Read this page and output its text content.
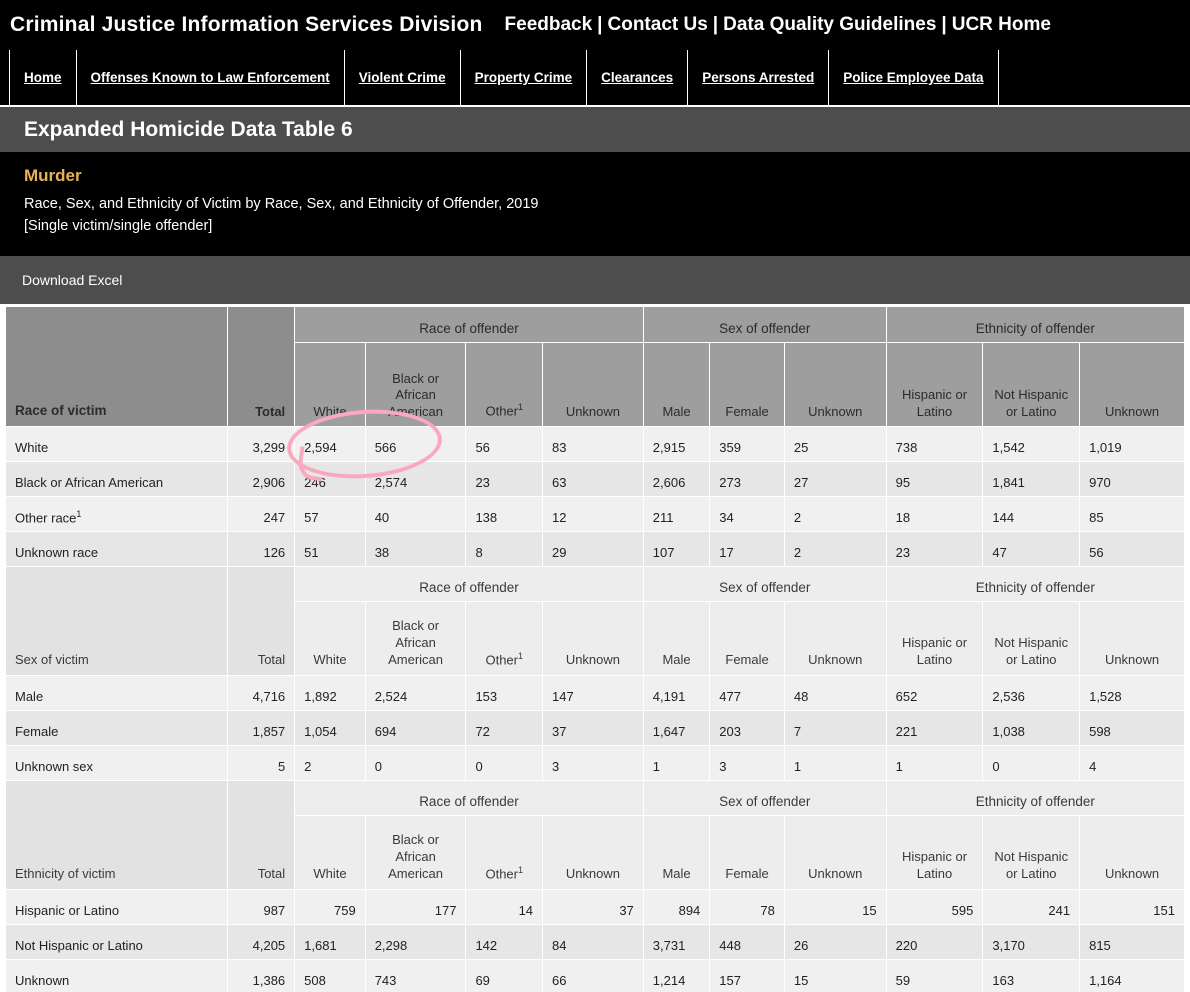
Criminal Justice Information Services Division Feedback | Contact Us | Data Quality Guidelines | UCR Home
Home Offenses Known to Law Enforcement Violent Crime Property Crime Clearances Persons Arrested Police Employee Data
Expanded Homicide Data Table 6
Murder
Race, Sex, and Ethnicity of Victim by Race, Sex, and Ethnicity of Offender, 2019
[Single victim/single offender]
Download Excel
Race of victim	Total	Race of offender				Sex of offender			Ethnicity of offender		
		White	Black or African American	Other$^1$	Unknown	Male	Female	Unknown	Hispanic or Latino	Not Hispanic or Latino	Unknown
White	3,299	2,594	566	56	83	2,915	359	25	738	1,542	1,019
Black or African American	2,906	246	2,574	23	63	2,606	273	27	95	1,841	970
Other race$^1$	247	57	40	138	12	211	34	2	18	144	85
Unknown race	126	51	38	8	29	107	17	2	23	47	56

Sex of victim	Total	Race of offender				Sex of offender			Ethnicity of offender		
		White	Black or African American	Other$^1$	Unknown	Male	Female	Unknown	Hispanic or Latino	Not Hispanic or Latino	Unknown
Male	4,716	1,892	2,524	153	147	4,191	477	48	652	2,536	1,528
Female	1,857	1,054	694	72	37	1,647	203	7	221	1,038	598
Unknown sex	5	2	0	0	3	1	3	1	1	0	4

Ethnicity of victim	Total	Race of offender				Sex of offender			Ethnicity of offender		
		White	Black or African American	Other$^1$	Unknown	Male	Female	Unknown	Hispanic or Latino	Not Hispanic or Latino	Unknown
Hispanic or Latino	987	759	177	14	37	894	78	15	595	241	151
Not Hispanic or Latino	4,205	1,681	2,298	142	84	3,731	448	26	220	3,170	815
Unknown	1,386	508	743	69	66	1,214	157	15	59	163	1,164
